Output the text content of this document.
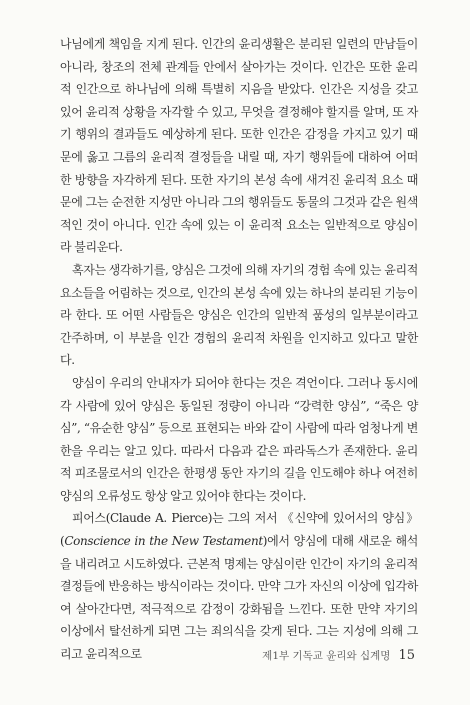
나님에게 책임을 지게 된다. 인간의 윤리생활은 분리된 일련의 만남들이 아니라, 창조의 전체 관계들 안에서 살아가는 것이다. 인간은 또한 윤리적 인간으로 하나님에 의해 특별히 지음을 받았다. 인간은 지성을 갖고 있어 윤리적 상황을 자각할 수 있고, 무엇을 결정해야 할지를 알며, 또 자기 행위의 결과들도 예상하게 된다. 또한 인간은 감정을 가지고 있기 때문에 옳고 그름의 윤리적 결정들을 내릴 때, 자기 행위들에 대하여 어떠한 방향을 자각하게 된다. 또한 자기의 본성 속에 새겨진 윤리적 요소 때문에 그는 순전한 지성만 아니라 그의 행위들도 동물의 그것과 같은 원색적인 것이 아니다. 인간 속에 있는 이 윤리적 요소는 일반적으로 양심이라 불리운다.

혹자는 생각하기를, 양심은 그것에 의해 자기의 경험 속에 있는 윤리적 요소들을 어림하는 것으로, 인간의 본성 속에 있는 하나의 분리된 기능이라 한다. 또 어떤 사람들은 양심은 인간의 일반적 품성의 일부분이라고 간주하며, 이 부분을 인간 경험의 윤리적 차원을 인지하고 있다고 말한다.

양심이 우리의 안내자가 되어야 한다는 것은 격언이다. 그러나 동시에 각 사람에 있어 양심은 동일된 정량이 아니라 “강력한 양심”, “죽은 양심”, “유순한 양심” 등으로 표현되는 바와 같이 사람에 따라 엄청나게 변한을 우리는 알고 있다. 따라서 다음과 같은 파라독스가 존재한다. 윤리적 피조물로서의 인간은 한평생 동안 자기의 길을 인도해야 하나 여전히 양심의 오류성도 항상 알고 있어야 한다는 것이다.

피어스(Claude A. Pierce)는 그의 저서 《신약에 있어서의 양심》(Conscience in the New Testament)에서 양심에 대해 새로운 해석을 내리려고 시도하였다. 근본적 명제는 양심이란 인간이 자기의 윤리적 결정들에 반응하는 방식이라는 것이다. 만약 그가 자신의 이상에 입각하여 살아간다면, 적극적으로 감정이 강화됨을 느낀다. 또한 만약 자기의 이상에서 탈선하게 되면 그는 죄의식을 갖게 된다. 그는 지성에 의해 그리고 윤리적으로	제1부 기독교 윤리와 십계명 15
